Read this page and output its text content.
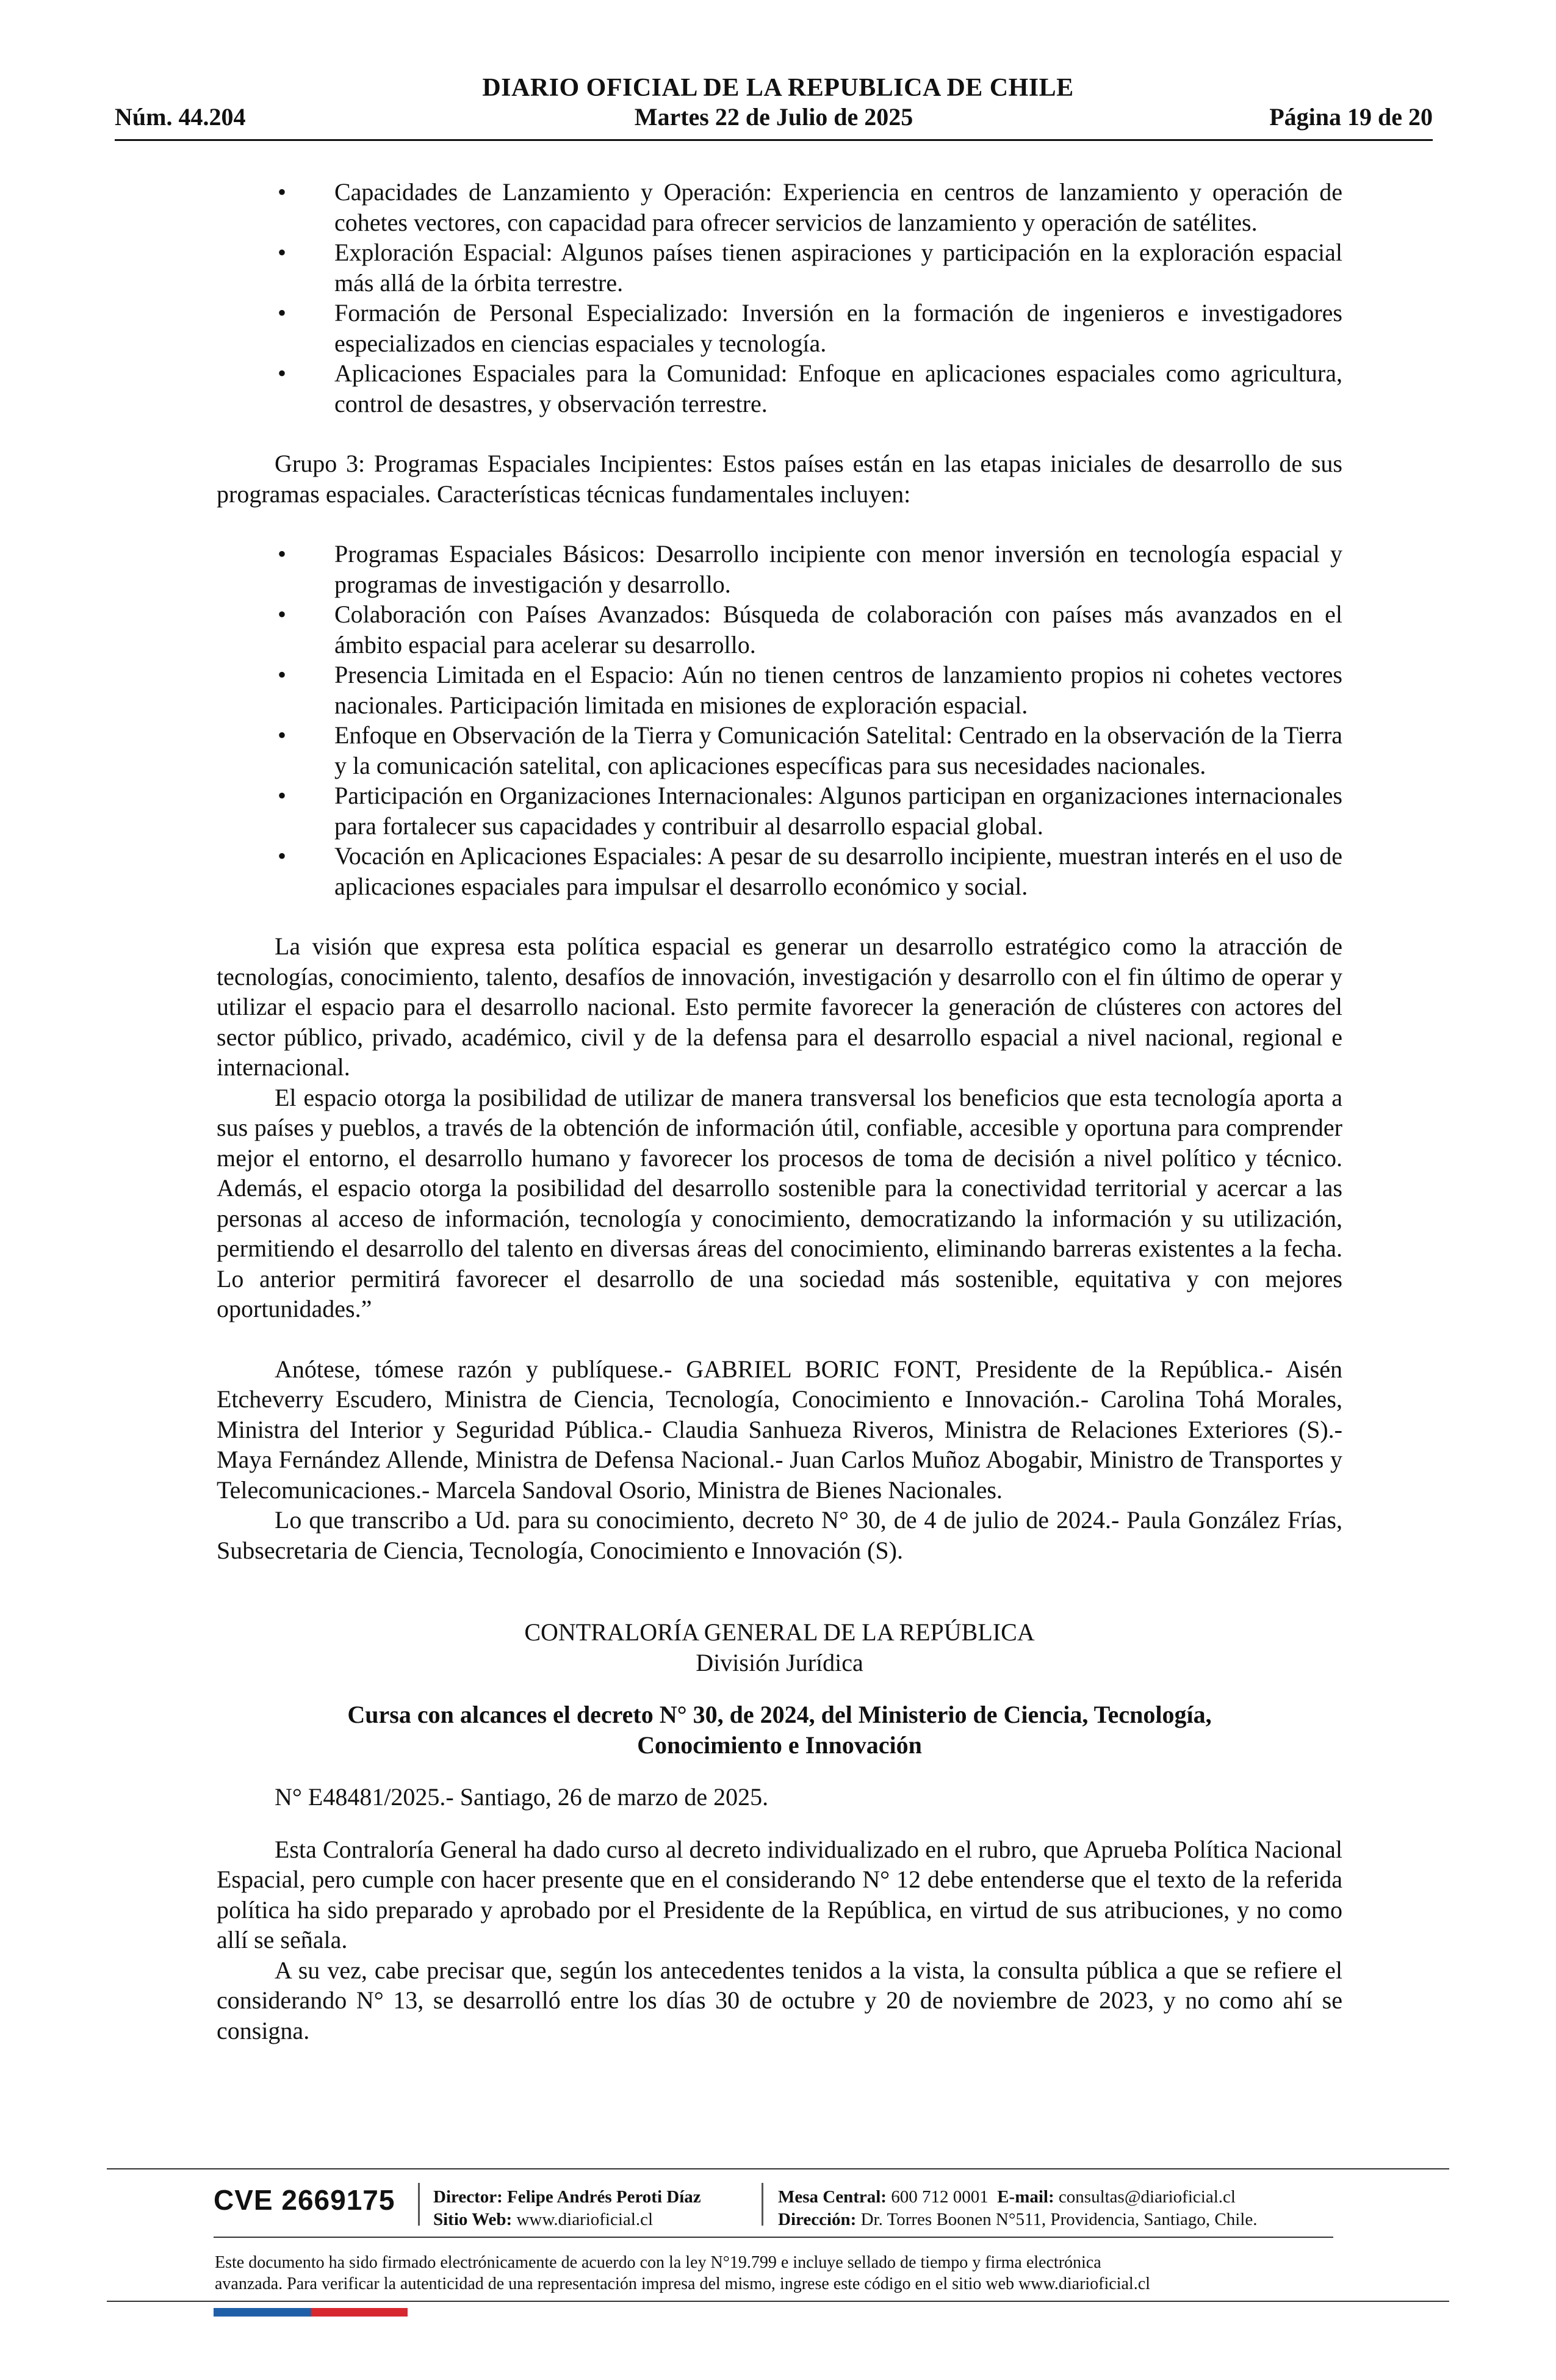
DIARIO OFICIAL DE LA REPUBLICA DE CHILE
Núm. 44.204	Martes 22 de Julio de 2025	Página 19 de 20
• Capacidades de Lanzamiento y Operación: Experiencia en centros de lanzamiento y operación de cohetes vectores, con capacidad para ofrecer servicios de lanzamiento y operación de satélites.
• Exploración Espacial: Algunos países tienen aspiraciones y participación en la exploración espacial más allá de la órbita terrestre.
• Formación de Personal Especializado: Inversión en la formación de ingenieros e investigadores especializados en ciencias espaciales y tecnología.
• Aplicaciones Espaciales para la Comunidad: Enfoque en aplicaciones espaciales como agricultura, control de desastres, y observación terrestre.

Grupo 3: Programas Espaciales Incipientes: Estos países están en las etapas iniciales de desarrollo de sus programas espaciales. Características técnicas fundamentales incluyen:

• Programas Espaciales Básicos: Desarrollo incipiente con menor inversión en tecnología espacial y programas de investigación y desarrollo.
• Colaboración con Países Avanzados: Búsqueda de colaboración con países más avanzados en el ámbito espacial para acelerar su desarrollo.
• Presencia Limitada en el Espacio: Aún no tienen centros de lanzamiento propios ni cohetes vectores nacionales. Participación limitada en misiones de exploración espacial.
• Enfoque en Observación de la Tierra y Comunicación Satelital: Centrado en la observación de la Tierra y la comunicación satelital, con aplicaciones específicas para sus necesidades nacionales.
• Participación en Organizaciones Internacionales: Algunos participan en organizaciones internacionales para fortalecer sus capacidades y contribuir al desarrollo espacial global.
• Vocación en Aplicaciones Espaciales: A pesar de su desarrollo incipiente, muestran interés en el uso de aplicaciones espaciales para impulsar el desarrollo económico y social.

La visión que expresa esta política espacial es generar un desarrollo estratégico como la atracción de tecnologías, conocimiento, talento, desafíos de innovación, investigación y desarrollo con el fin último de operar y utilizar el espacio para el desarrollo nacional. Esto permite favorecer la generación de clústeres con actores del sector público, privado, académico, civil y de la defensa para el desarrollo espacial a nivel nacional, regional e internacional.

El espacio otorga la posibilidad de utilizar de manera transversal los beneficios que esta tecnología aporta a sus países y pueblos, a través de la obtención de información útil, confiable, accesible y oportuna para comprender mejor el entorno, el desarrollo humano y favorecer los procesos de toma de decisión a nivel político y técnico. Además, el espacio otorga la posibilidad del desarrollo sostenible para la conectividad territorial y acercar a las personas al acceso de información, tecnología y conocimiento, democratizando la información y su utilización, permitiendo el desarrollo del talento en diversas áreas del conocimiento, eliminando barreras existentes a la fecha. Lo anterior permitirá favorecer el desarrollo de una sociedad más sostenible, equitativa y con mejores oportunidades.”

Anótese, tómese razón y publíquese.- GABRIEL BORIC FONT, Presidente de la República.- Aisén Etcheverry Escudero, Ministra de Ciencia, Tecnología, Conocimiento e Innovación.- Carolina Tohá Morales, Ministra del Interior y Seguridad Pública.- Claudia Sanhueza Riveros, Ministra de Relaciones Exteriores (S).- Maya Fernández Allende, Ministra de Defensa Nacional.- Juan Carlos Muñoz Abogabir, Ministro de Transportes y Telecomunicaciones.- Marcela Sandoval Osorio, Ministra de Bienes Nacionales.

Lo que transcribo a Ud. para su conocimiento, decreto N° 30, de 4 de julio de 2024.- Paula González Frías, Subsecretaria de Ciencia, Tecnología, Conocimiento e Innovación (S).

CONTRALORÍA GENERAL DE LA REPÚBLICA

División Jurídica

Cursa con alcances el decreto N° 30, de 2024, del Ministerio de Ciencia, Tecnología,

Conocimiento e Innovación

N° E48481/2025.- Santiago, 26 de marzo de 2025.

Esta Contraloría General ha dado curso al decreto individualizado en el rubro, que Aprueba Política Nacional Espacial, pero cumple con hacer presente que en el considerando N° 12 debe entenderse que el texto de la referida política ha sido preparado y aprobado por el Presidente de la República, en virtud de sus atribuciones, y no como allí se señala.

A su vez, cabe precisar que, según los antecedentes tenidos a la vista, la consulta pública a que se refiere el considerando N° 13, se desarrolló entre los días 30 de octubre y 20 de noviembre de 2023, y no como ahí se consigna.

CVE 2669175 Director: Felipe Andrés Peroti Díaz
Sitio Web: www.diarioficial.cl
Mesa Central: 600 712 0001 E-mail: consultas@diarioficial.cl
Dirección: Dr. Torres Boonen N°511, Providencia, Santiago, Chile.
Este documento ha sido firmado electrónicamente de acuerdo con la ley N°19.799 e incluye sellado de tiempo y firma electrónica
avanzada. Para verificar la autenticidad de una representación impresa del mismo, ingrese este código en el sitio web www.diarioficial.cl
